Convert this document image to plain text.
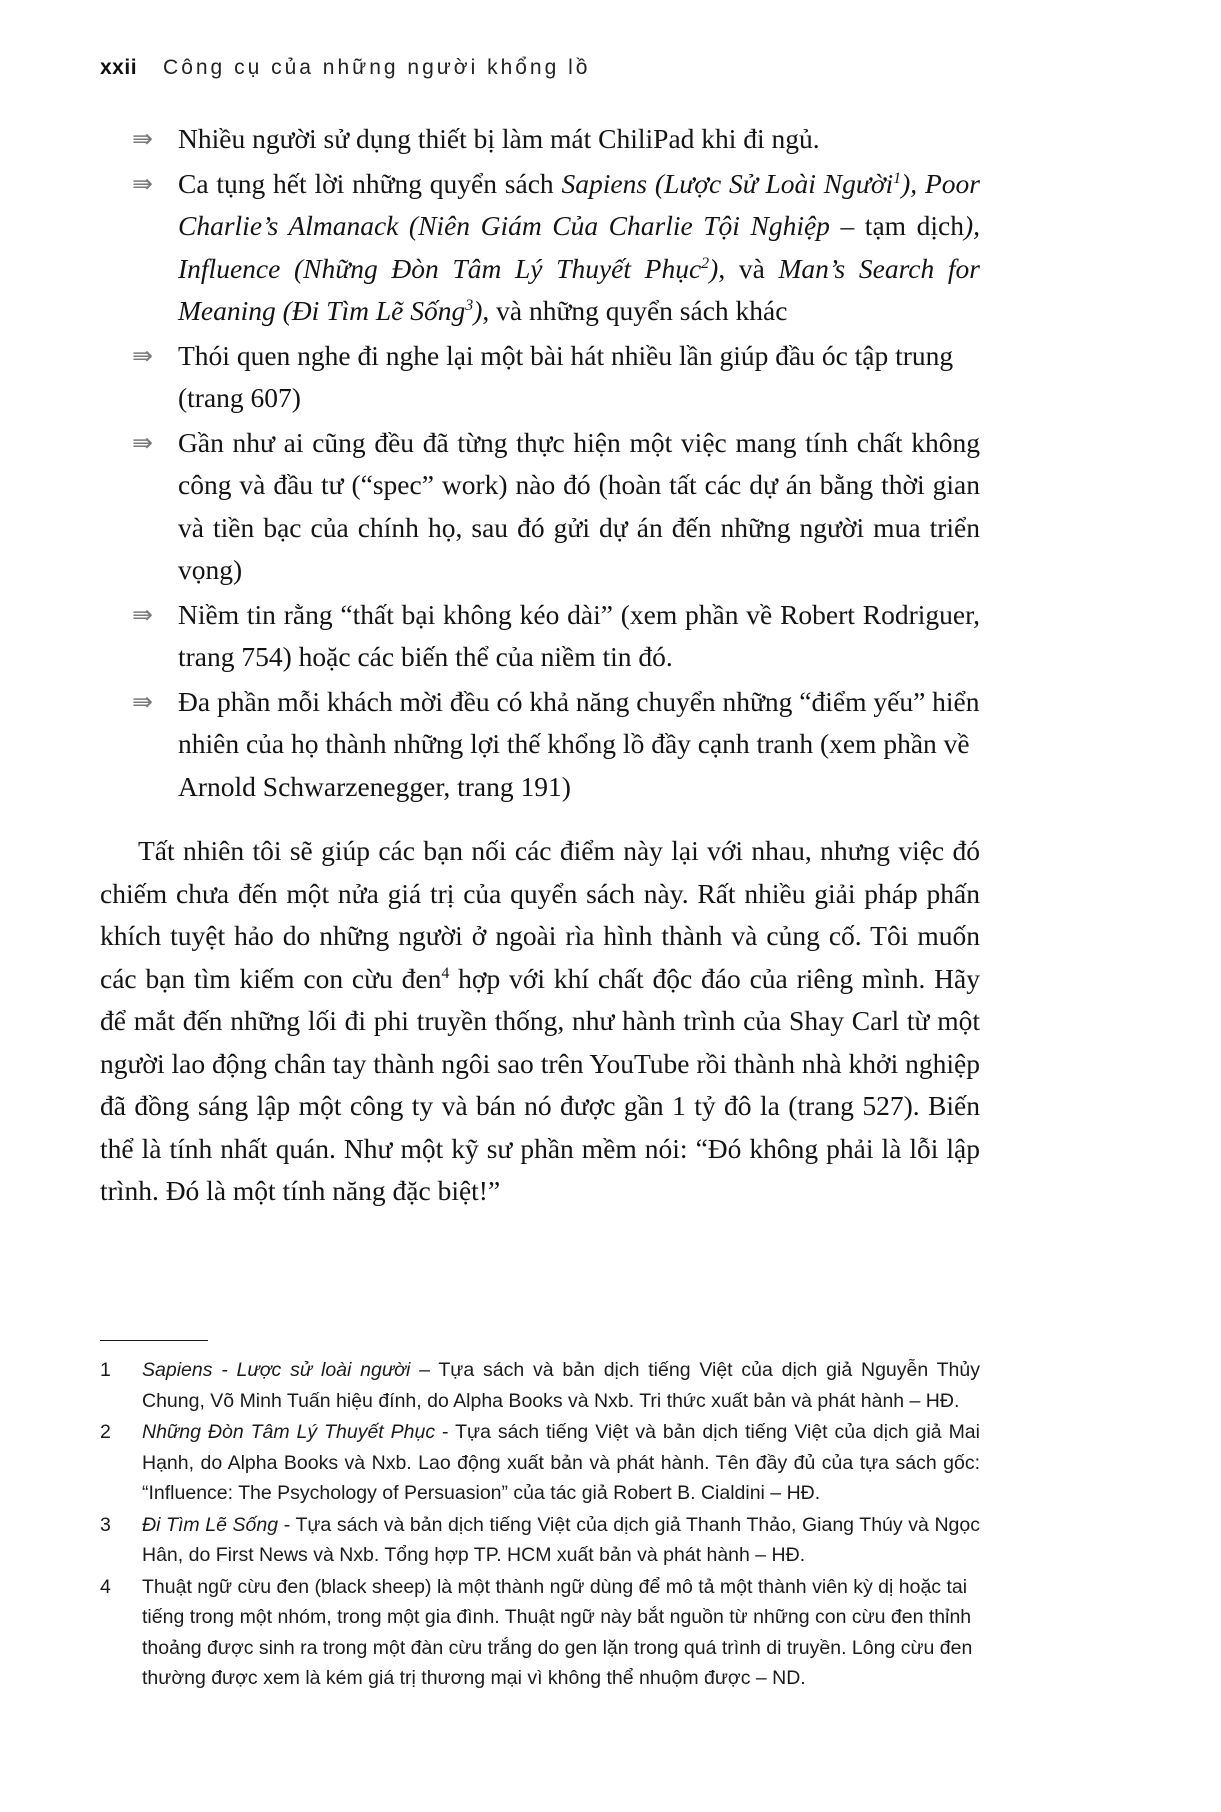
xxii Công cụ của những người khổng lồ
⇛ Nhiều người sử dụng thiết bị làm mát ChiliPad khi đi ngủ.
⇛ Ca tụng hết lời những quyển sách Sapiens (Lược Sử Loài Người$^1$), Poor Charlie’s Almanack (Niên Giám Của Charlie Tội Nghiệp – tạm dịch), Influence (Những Đòn Tâm Lý Thuyết Phục$^2$), và Man’s Search for Meaning (Đi Tìm Lẽ Sống$^3$), và những quyển sách khác
⇛ Thói quen nghe đi nghe lại một bài hát nhiều lần giúp đầu óc tập trung (trang 607)
⇛ Gần như ai cũng đều đã từng thực hiện một việc mang tính chất không công và đầu tư (“spec” work) nào đó (hoàn tất các dự án bằng thời gian và tiền bạc của chính họ, sau đó gửi dự án đến những người mua triển vọng)
⇛ Niềm tin rằng “thất bại không kéo dài” (xem phần về Robert Rodriguer, trang 754) hoặc các biến thể của niềm tin đó.
⇛ Đa phần mỗi khách mời đều có khả năng chuyển những “điểm yếu” hiển nhiên của họ thành những lợi thế khổng lồ đầy cạnh tranh (xem phần về Arnold Schwarzenegger, trang 191)

Tất nhiên tôi sẽ giúp các bạn nối các điểm này lại với nhau, nhưng việc đó chiếm chưa đến một nửa giá trị của quyển sách này. Rất nhiều giải pháp phấn khích tuyệt hảo do những người ở ngoài rìa hình thành và củng cố. Tôi muốn các bạn tìm kiếm con cừu đen$^4$ hợp với khí chất độc đáo của riêng mình. Hãy để mắt đến những lối đi phi truyền thống, như hành trình của Shay Carl từ một người lao động chân tay thành ngôi sao trên YouTube rồi thành nhà khởi nghiệp đã đồng sáng lập một công ty và bán nó được gần 1 tỷ đô la (trang 527). Biến thể là tính nhất quán. Như một kỹ sư phần mềm nói: “Đó không phải là lỗi lập trình. Đó là một tính năng đặc biệt!”

1	Sapiens - Lược sử loài người – Tựa sách và bản dịch tiếng Việt của dịch giả Nguyễn Thủy Chung, Võ Minh Tuấn hiệu đính, do Alpha Books và Nxb. Tri thức xuất bản và phát hành – HĐ.
2	Những Đòn Tâm Lý Thuyết Phục - Tựa sách tiếng Việt và bản dịch tiếng Việt của dịch giả Mai Hạnh, do Alpha Books và Nxb. Lao động xuất bản và phát hành. Tên đầy đủ của tựa sách gốc: “Influence: The Psychology of Persuasion” của tác giả Robert B. Cialdini – HĐ.
3	Đi Tìm Lẽ Sống - Tựa sách và bản dịch tiếng Việt của dịch giả Thanh Thảo, Giang Thúy và Ngọc Hân, do First News và Nxb. Tổng hợp TP. HCM xuất bản và phát hành – HĐ.
4	Thuật ngữ cừu đen (black sheep) là một thành ngữ dùng để mô tả một thành viên kỳ dị hoặc tai tiếng trong một nhóm, trong một gia đình. Thuật ngữ này bắt nguồn từ những con cừu đen thỉnh thoảng được sinh ra trong một đàn cừu trắng do gen lặn trong quá trình di truyền. Lông cừu đen thường được xem là kém giá trị thương mại vì không thể nhuộm được – ND.
